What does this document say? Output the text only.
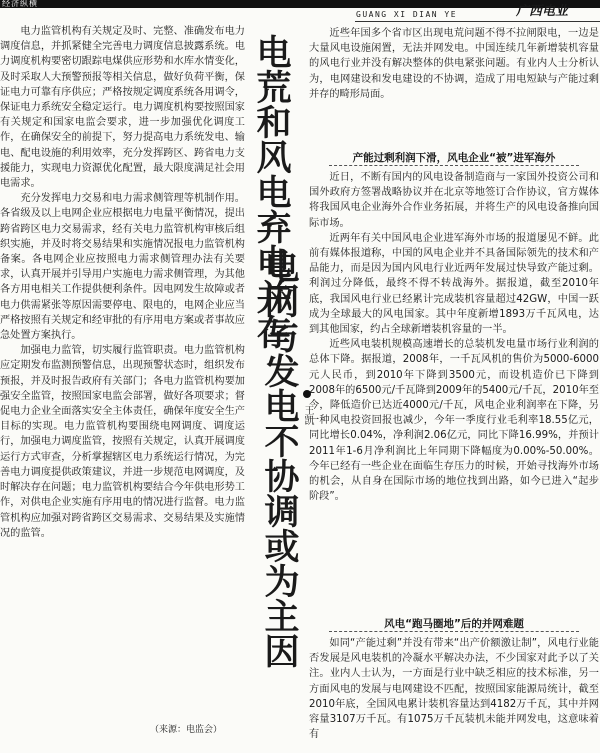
经济纵横
GUANG XI DIAN YE	广西电业

电力监管机构有关规定及时、完整、准确发布电力调度信息，并抓紧健全完善电力调度信息披露系统。电力调度机构要密切跟踪电煤供应形势和水库水情变化，及时采取人大预警预报等相关信息，做好负荷平衡，保证电力可靠有序供应；严格按规定调度系统各用调令，保证电力系统安全稳定运行。电力调度机构要按照国家有关规定和国家电监会要求，进一步加强优化调度工作，在确保安全的前提下，努力提高电力系统发电、输电、配电设施的利用效率，充分发挥跨区、跨省电力支援能力，实现电力资源优化配置，最大限度满足社会用电需求。

充分发挥电力交易和电力需求侧管理等机制作用。各省级及以上电网企业应根据电力电量平衡情况，提出跨省跨区电力交易需求，经有关电力监管机构审核后组织实施，并及时将交易结果和实施情况报电力监管机构备案。各电网企业应按照电力需求侧管理办法有关要求，认真开展并引导用户实施电力需求侧管理，为其他各方用电相关工作提供便利条件。因电网发生故障或者电力供需紧张等原因需要停电、限电的，电网企业应当严格按照有关规定和经审批的有序用电方案或者事故应急处置方案执行。

加强电力监管，切实履行监管职责。电力监管机构应定期发布监测预警信息，出现预警状态时，组织发布预报，并及时报告政府有关部门；各电力监管机构要加强安全监管，按照国家电监会部署，做好各项要求；督促电力企业全面落实安全主体责任，确保年度安全生产目标的实现。电力监管机构要围绕电网调度、调度运行，加强电力调度监管，按照有关规定，认真开展调度运行方式审查，分析掌握辖区电力系统运行情况，为完善电力调度提供政策建议，并进一步规范电网调度，及时解决存在问题；电力监管机构要结合今年供电形势工作，对供电企业实施有序用电的情况进行监督。电力监管机构应加强对跨省跨区交易需求、交易结果及实施情况的监管。

（来源：电监会）
电荒和风电弃电并存
电网与发电不协调或为主因 王凯

近些年国多个省市区出现电荒问题不得不拉闸限电，一边是大量风电设施闲置，无法并网发电。中国连续几年新增装机容量的风电行业并没有解决整体的供电紧张问题。有业内人士分析认为，电网建设和发电建设的不协调，造成了用电短缺与产能过剩并存的畸形局面。

产能过剩利润下滑，风电企业“被”进军海外

近日，不断有国内的风电设备制造商与一家国外投资公司和国外政府方签署战略协议并在北京等地签订合作协议，官方媒体将我国风电企业海外合作业务拓展，并将生产的风电设备推向国际市场。

近两年有关中国风电企业进军海外市场的报道屡见不鲜。此前有媒体报道称，中国的风电企业并不具备国际领先的技术和产品能力，而是因为国内风电行业近两年发展过快导致产能过剩。利润过分降低，最终不得不转战海外。据报道，截至2010年底，我国风电行业已经累计完成装机容量超过42GW，中国一跃成为全球最大的风电国家。其中年度新增1893万千瓦风电，达到其他国家，约占全球新增装机容量的一半。

近些风电装机规模高速增长的总装机发电量市场行业利润的总体下降。据报道，2008年，一千瓦风机的售价为5000-6000元人民币，到2010年下降到3500元，而设机造价已下降到2008年的6500元/千瓦降到2009年的5400元/千瓦，2010年至今，降低造价已达近4000元/千瓦，风电企业利润率在下降，另一种风电投资回报也减少，今年一季度行业毛利率18.55亿元，同比增长0.04%，净利润2.06亿元，同比下降16.99%，并预计2011年1-6月净利润比上年同期下降幅度为0.00%-50.00%。今年已经有一些企业在面临生存压力的时候，开始寻找海外市场的机会，从自身在国际市场的地位找到出路，如今已进入“起步阶段”。

风电“跑马圈地”后的并网难题

如同“产能过剩”并没有带来“出产价额激让制”，风电行业能否发展是风电装机的冷凝水平解决办法，不少国家对此予以了关注。业内人士认为，一方面是行业中缺乏相应的技术标准，另一方面风电的发展与电网建设不匹配，按照国家能源局统计，截至2010年底，全国风电累计装机容量达到4182万千瓦，其中并网容量3107万千瓦。有1075万千瓦装机未能并网发电，这意味着有
